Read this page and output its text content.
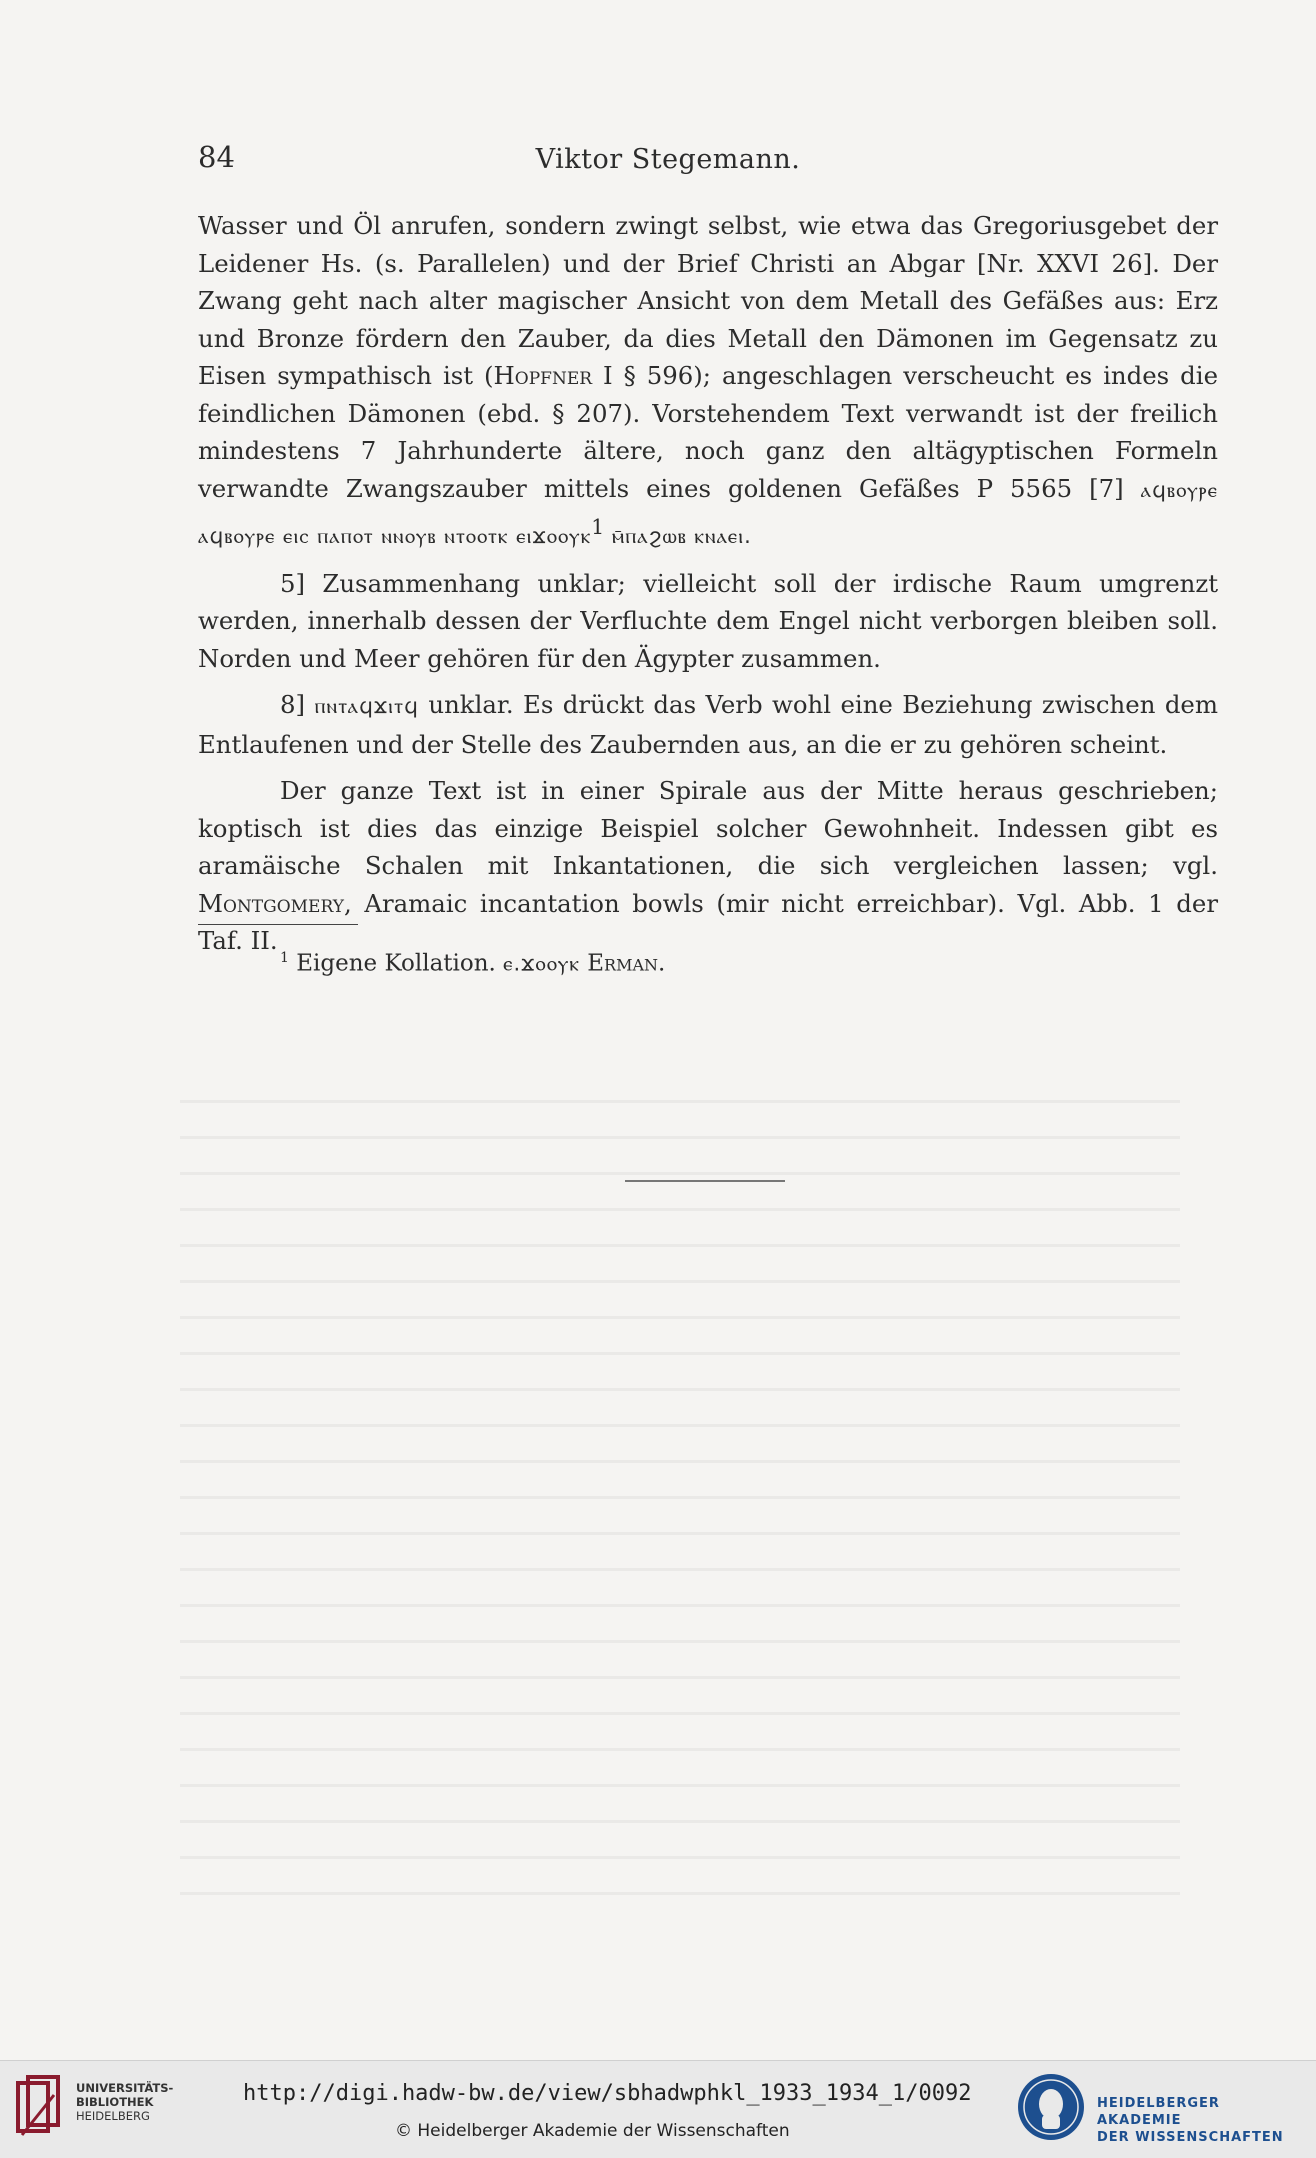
84	Viktor Stegemann.

Wasser und Öl anrufen, sondern zwingt selbst, wie etwa das Gregoriusgebet der Leidener Hs. (s. Parallelen) und der Brief Christi an Abgar [Nr. XXVI 26]. Der Zwang geht nach alter magischer Ansicht von dem Metall des Gefäßes aus: Erz und Bronze fördern den Zauber, da dies Metall den Dämonen im Gegensatz zu Eisen sympathisch ist (Hopfner I § 596); angeschlagen verscheucht es indes die feindlichen Dämonen (ebd. § 207). Vorstehendem Text verwandt ist der freilich mindestens 7 Jahrhunderte ältere, noch ganz den altägyptischen Formeln verwandte Zwangszauber mittels eines goldenen Gefäßes P 5565 [7] ⲁϥⲃⲟⲩⲣⲉ ⲁϥⲃⲟⲩⲣⲉ ⲉⲓⲥ ⲡⲁⲡⲟⲧ ⲛⲛⲟⲩⲃ ⲛⲧⲟⲟⲧⲕ ⲉⲓϫⲟⲟⲩⲕ$^1$ ⲙ̄ⲡⲁϩⲱⲃ ⲕⲛⲁⲉⲓ.

5] Zusammenhang unklar; vielleicht soll der irdische Raum umgrenzt werden, innerhalb dessen der Verfluchte dem Engel nicht verborgen bleiben soll. Norden und Meer gehören für den Ägypter zusammen.

8] ⲡⲛⲧⲁϥϫⲓⲧϥ unklar. Es drückt das Verb wohl eine Beziehung zwischen dem Entlaufenen und der Stelle des Zaubernden aus, an die er zu gehören scheint.

Der ganze Text ist in einer Spirale aus der Mitte heraus geschrieben; koptisch ist dies das einzige Beispiel solcher Gewohnheit. Indessen gibt es aramäische Schalen mit Inkantationen, die sich vergleichen lassen; vgl. Montgomery, Aramaic incantation bowls (mir nicht erreichbar). Vgl. Abb. 1 der Taf. II.

$^1$ Eigene Kollation. ⲉ.ϫⲟⲟⲩⲕ Erman.
UNIVERSITÄTS-
BIBLIOTHEK
HEIDELBERG
http://digi.hadw-bw.de/view/sbhadwphkl_1933_1934_1/0092
© Heidelberger Akademie der Wissenschaften
HEIDELBERGER AKADEMIE
DER WISSENSCHAFTEN
